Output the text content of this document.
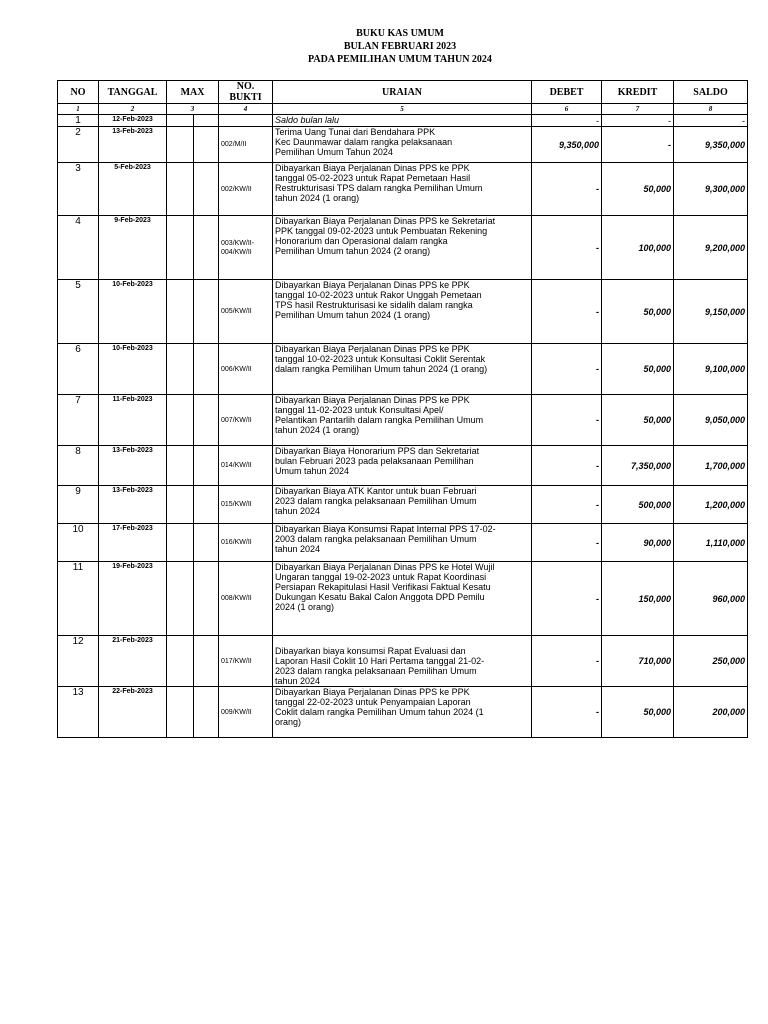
BUKU KAS UMUM
BULAN FEBRUARI 2023
PADA PEMILIHAN UMUM TAHUN 2024
NO	TANGGAL	MAX		NO. BUKTI	URAIAN	DEBET	KREDIT	SALDO
1	2	3		4	5	6	7	8
1	12-Feb-2023				Saldo bulan lalu	-	-	-
2	13-Feb-2023			002/M/II	Terima Uang Tunai dari Bendahara PPK
Kec Daunmawar dalam rangka pelaksanaan
Pemilihan Umum Tahun 2024	9,350,000	-	9,350,000
3	5-Feb-2023			002/KW/II	Dibayarkan Biaya Perjalanan Dinas PPS ke PPK
tanggal 05-02-2023 untuk Rapat Pemetaan Hasil
Restrukturisasi TPS dalam rangka Pemilihan Umum
tahun 2024 (1 orang)	-	50,000	9,300,000
4	9-Feb-2023			003/KW/II-
004/KW/II	Dibayarkan Biaya Perjalanan Dinas PPS ke Sekretariat
PPK tanggal 09-02-2023 untuk Pembuatan Rekening
Honorarium dan Operasional dalam rangka
Pemilihan Umum tahun 2024 (2 orang)	-	100,000	9,200,000
5	10-Feb-2023			005/KW/II	Dibayarkan Biaya Perjalanan Dinas PPS ke PPK
tanggal 10-02-2023 untuk Rakor Unggah Pemetaan
TPS hasil Restrukturisasi ke sidalih dalam rangka
Pemilihan Umum tahun 2024 (1 orang)	-	50,000	9,150,000
6	10-Feb-2023			006/KW/II	Dibayarkan Biaya Perjalanan Dinas PPS ke PPK
tanggal 10-02-2023 untuk Konsultasi Coklit Serentak
dalam rangka Pemilihan Umum tahun 2024 (1 orang)	-	50,000	9,100,000
7	11-Feb-2023			007/KW/II	Dibayarkan Biaya Perjalanan Dinas PPS ke PPK
tanggal 11-02-2023 untuk Konsultasi Apel/
Pelantikan Pantarlih dalam rangka Pemilihan Umum
tahun 2024 (1 orang)	-	50,000	9,050,000
8	13-Feb-2023			014/KW/II	Dibayarkan Biaya Honorarium PPS dan Sekretariat
bulan Februari 2023 pada pelaksanaan Pemilihan
Umum tahun 2024	-	7,350,000	1,700,000
9	13-Feb-2023			015/KW/II	Dibayarkan Biaya ATK Kantor untuk buan Februari
2023 dalam rangka pelaksanaan Pemilihan Umum
tahun 2024	-	500,000	1,200,000
10	17-Feb-2023			016/KW/II	Dibayarkan Biaya Konsumsi Rapat Internal PPS 17-02-
2003 dalam rangka pelaksanaan Pemilihan Umum
tahun 2024	-	90,000	1,110,000
11	19-Feb-2023			008/KW/II	Dibayarkan Biaya Perjalanan Dinas PPS ke Hotel Wujil
Ungaran tanggal 19-02-2023 untuk Rapat Koordinasi
Persiapan Rekapitulasi Hasil Verifikasi Faktual Kesatu
Dukungan Kesatu Bakal Calon Anggota DPD Pemilu
2024 (1 orang)	-	150,000	960,000
12	21-Feb-2023			017/KW/II	
Dibayarkan biaya konsumsi Rapat Evaluasi dan
Laporan Hasil Coklit 10 Hari Pertama tanggal 21-02-
2023 dalam rangka pelaksanaan Pemilihan Umum
tahun 2024	-	710,000	250,000
13	22-Feb-2023			009/KW/II	Dibayarkan Biaya Perjalanan Dinas PPS ke PPK
tanggal 22-02-2023 untuk Penyampaian Laporan
Coklit dalam rangka Pemilihan Umum tahun 2024 (1
orang)	-	50,000	200,000
